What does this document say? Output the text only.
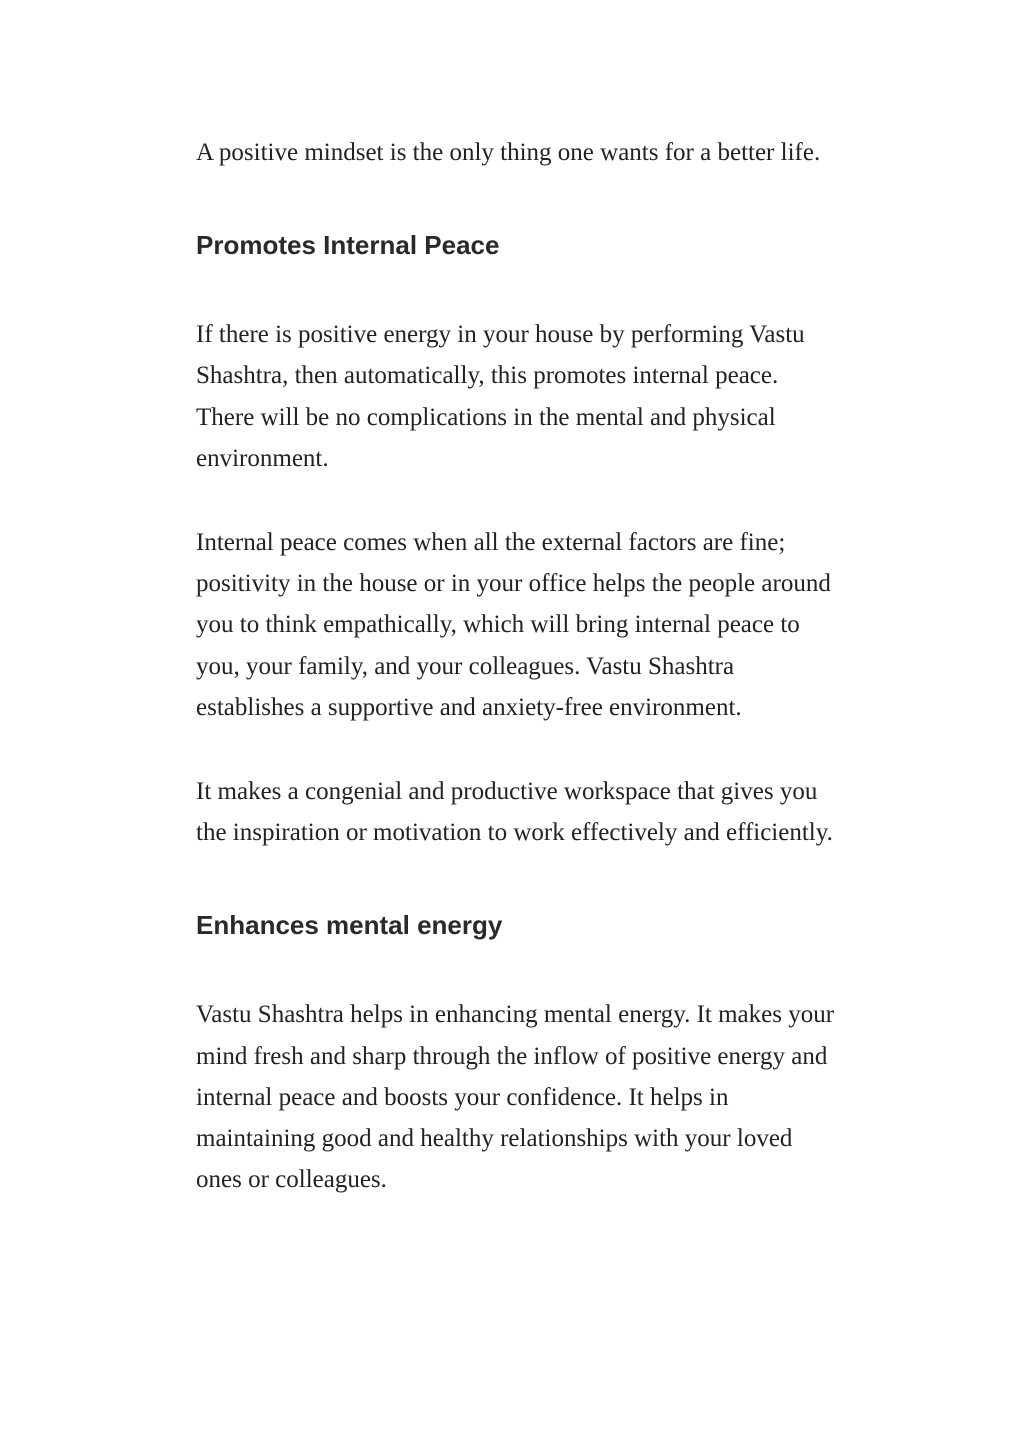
A positive mindset is the only thing one wants for a better life.

Promotes Internal Peace

If there is positive energy in your house by performing Vastu Shashtra, then automatically, this promotes internal peace. There will be no complications in the mental and physical environment.

Internal peace comes when all the external factors are fine; positivity in the house or in your office helps the people around you to think empathically, which will bring internal peace to you, your family, and your colleagues. Vastu Shashtra establishes a supportive and anxiety-free environment.

It makes a congenial and productive workspace that gives you the inspiration or motivation to work effectively and efficiently.

Enhances mental energy

Vastu Shashtra helps in enhancing mental energy. It makes your mind fresh and sharp through the inflow of positive energy and internal peace and boosts your confidence. It helps in maintaining good and healthy relationships with your loved ones or colleagues.
